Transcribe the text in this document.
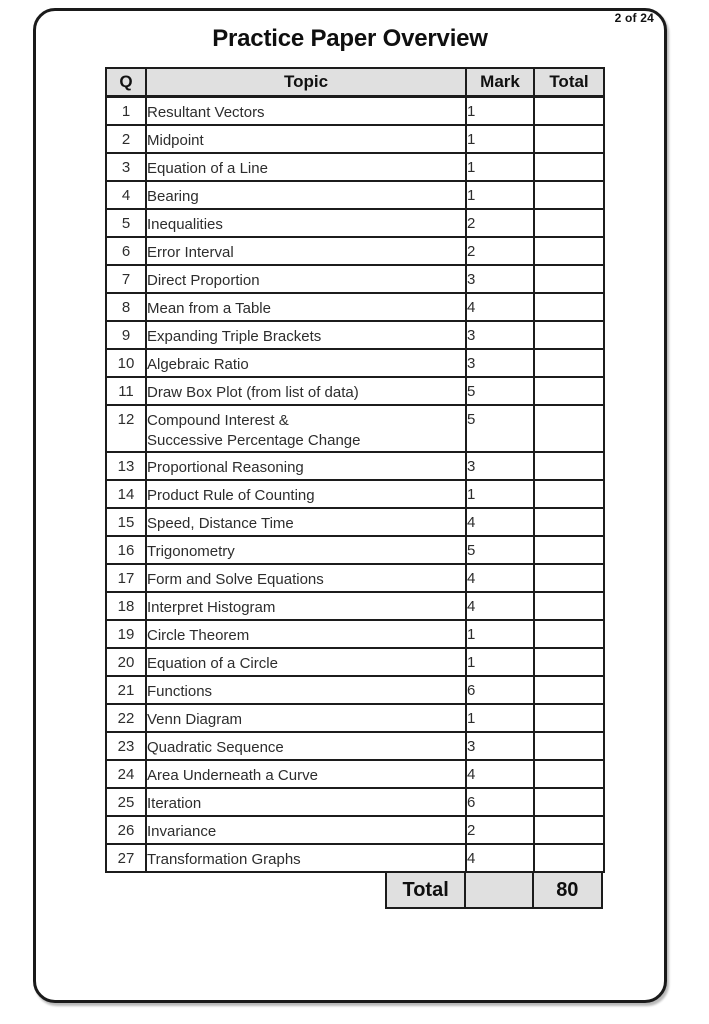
2 of 24
Practice Paper Overview
Q	Topic	Mark	Total
1	Resultant Vectors	1	
2	Midpoint	1	
3	Equation of a Line	1	
4	Bearing	1	
5	Inequalities	2	
6	Error Interval	2	
7	Direct Proportion	3	
8	Mean from a Table	4	
9	Expanding Triple Brackets	3	
10	Algebraic Ratio	3	
11	Draw Box Plot (from list of data)	5	
12	Compound Interest &
Successive Percentage Change	5	
13	Proportional Reasoning	3	
14	Product Rule of Counting	1	
15	Speed, Distance Time	4	
16	Trigonometry	5	
17	Form and Solve Equations	4	
18	Interpret Histogram	4	
19	Circle Theorem	1	
20	Equation of a Circle	1	
21	Functions	6	
22	Venn Diagram	1	
23	Quadratic Sequence	3	
24	Area Underneath a Curve	4	
25	Iteration	6	
26	Invariance	2	
27	Transformation Graphs	4	
Total	80
